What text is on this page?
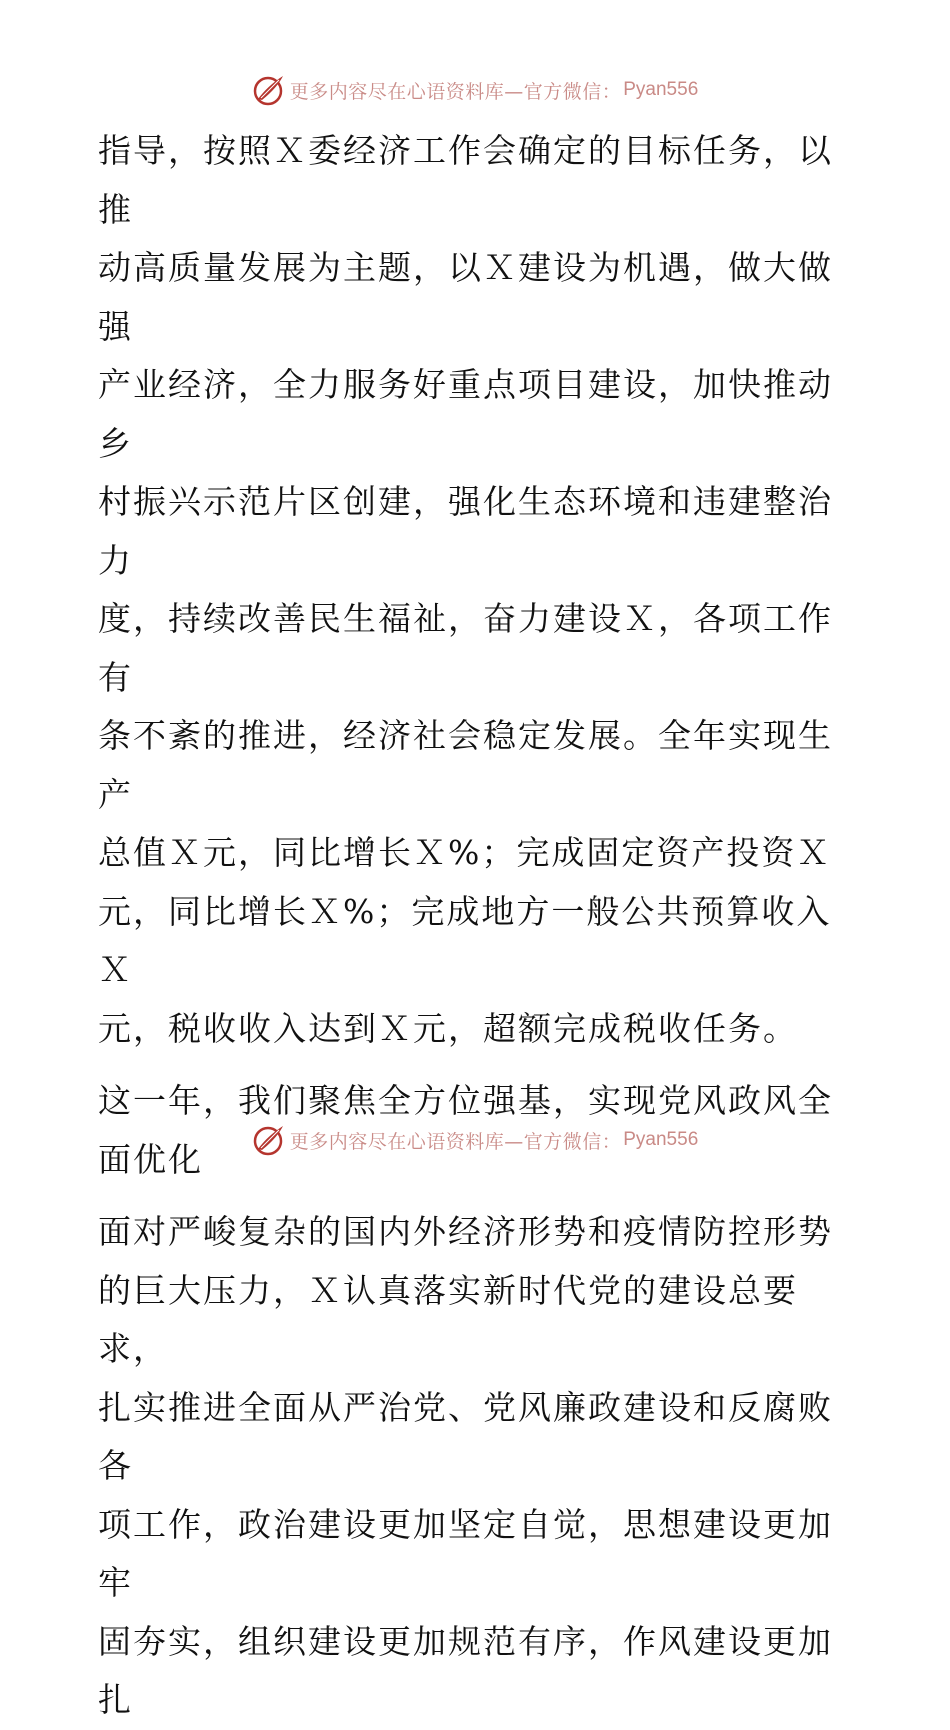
更多内容尽在心语资料库—官方微信： Pyan556

指导，按照Ｘ委经济工作会确定的目标任务，以推
动高质量发展为主题，以Ｘ建设为机遇，做大做强
产业经济，全力服务好重点项目建设，加快推动乡
村振兴示范片区创建，强化生态环境和违建整治力
度，持续改善民生福祉，奋力建设Ｘ，各项工作有
条不紊的推进，经济社会稳定发展。全年实现生产
总值Ｘ元，同比增长Ｘ%；完成固定资产投资Ｘ
元，同比增长Ｘ%；完成地方一般公共预算收入Ｘ
元，税收收入达到Ｘ元，超额完成税收任务。

这一年，我们聚焦全方位强基，实现党风政风全
面优化

面对严峻复杂的国内外经济形势和疫情防控形势
的巨大压力，Ｘ认真落实新时代党的建设总要求，
扎实推进全面从严治党、党风廉政建设和反腐败各
项工作，政治建设更加坚定自觉，思想建设更加牢
固夯实，组织建设更加规范有序，作风建设更加扎

更多内容尽在心语资料库—官方微信： Pyan556
